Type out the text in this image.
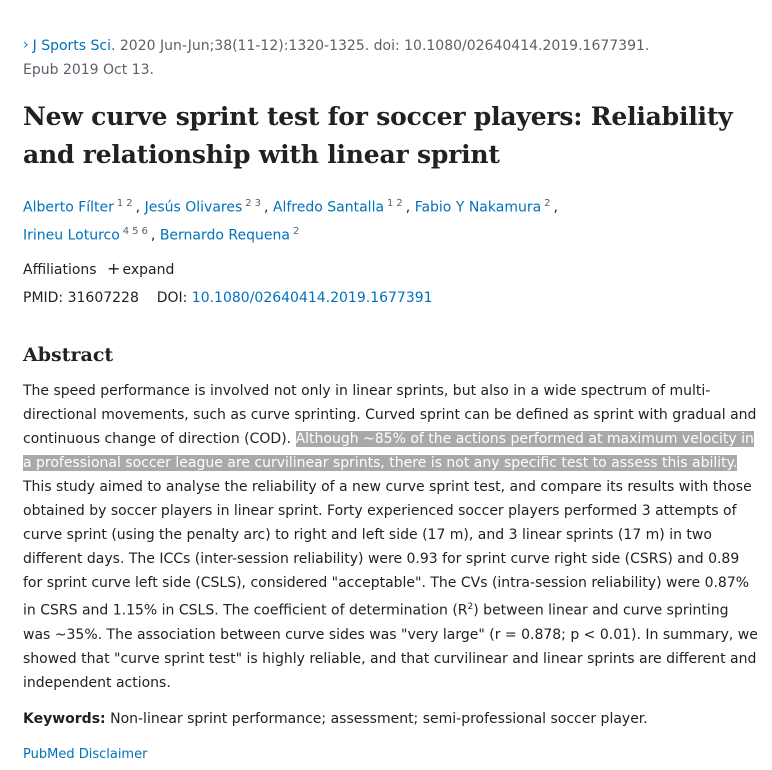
› J Sports Sci. 2020 Jun-Jun;38(11-12):1320-1325. doi: 10.1080/02640414.2019.1677391.
Epub 2019 Oct 13.
New curve sprint test for soccer players: Reliability and relationship with linear sprint
Alberto Fílter $^{1 2}$ , Jesús Olivares $^{2 3}$ , Alfredo Santalla $^{1 2}$ , Fabio Y Nakamura $^2$ ,
Irineu Loturco $^{4 5 6}$ , Bernardo Requena $^2$
Affiliations + expand
PMID: 31607228 DOI: 10.1080/02640414.2019.1677391
Abstract

The speed performance is involved not only in linear sprints, but also in a wide spectrum of multi-directional movements, such as curve sprinting. Curved sprint can be defined as sprint with gradual and continuous change of direction (COD). Although ~85% of the actions performed at maximum velocity in a professional soccer league are curvilinear sprints, there is not any specific test to assess this ability. This study aimed to analyse the reliability of a new curve sprint test, and compare its results with those obtained by soccer players in linear sprint. Forty experienced soccer players performed 3 attempts of curve sprint (using the penalty arc) to right and left side (17 m), and 3 linear sprints (17 m) in two different days. The ICCs (inter-session reliability) were 0.93 for sprint curve right side (CSRS) and 0.89 for sprint curve left side (CSLS), considered "acceptable". The CVs (intra-session reliability) were 0.87% in CSRS and 1.15% in CSLS. The coefficient of determination $(R^2)$ between linear and curve sprinting was ~35%. The association between curve sides was "very large" (r = 0.878; p < 0.01). In summary, we showed that "curve sprint test" is highly reliable, and that curvilinear and linear sprints are different and independent actions.

Keywords: Non-linear sprint performance; assessment; semi-professional soccer player.
PubMed Disclaimer
